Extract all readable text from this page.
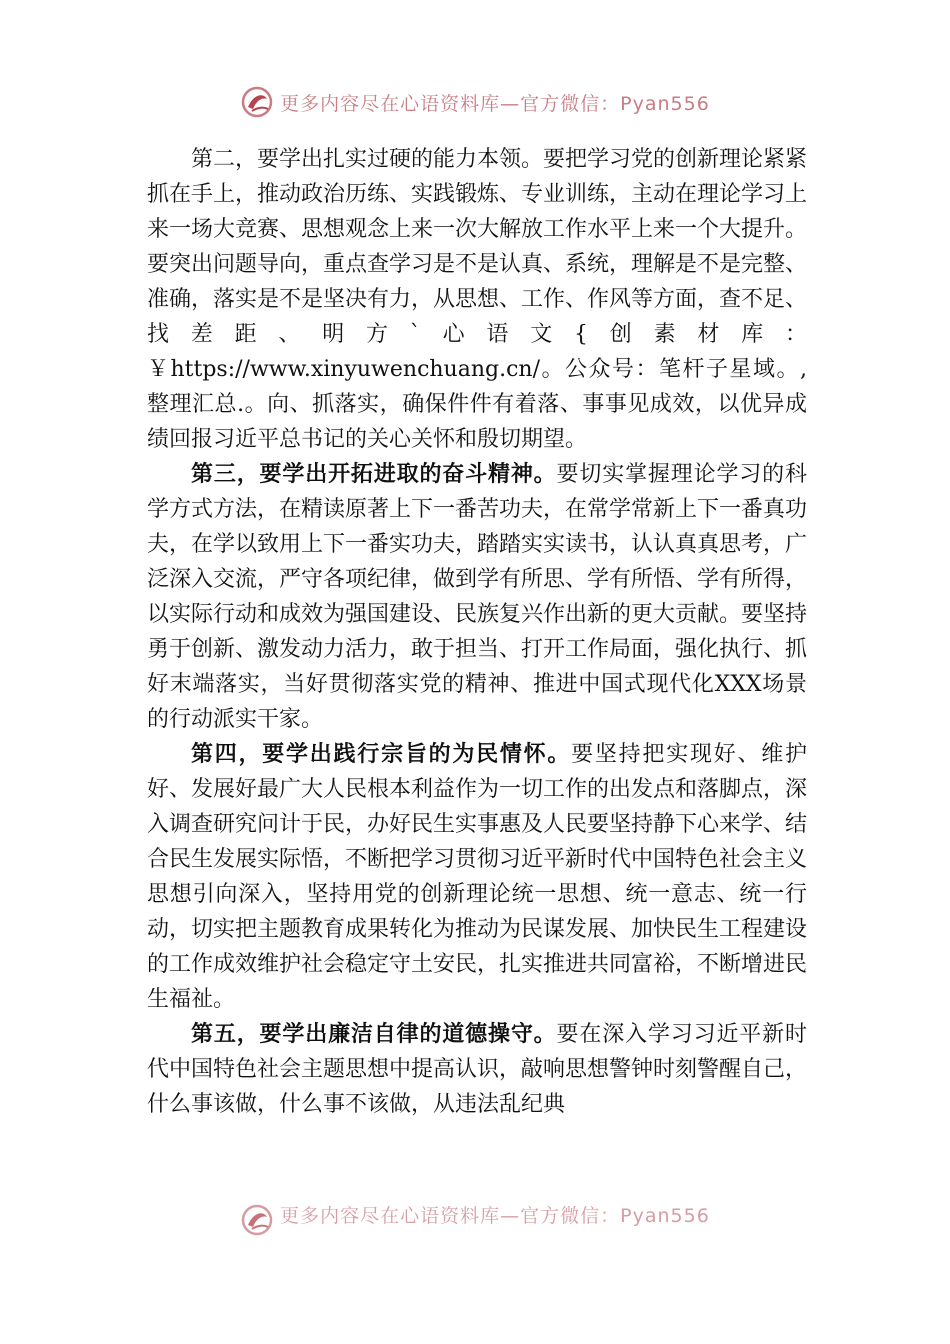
更多内容尽在心语资料库—官方微信：Pyan556

第二，要学出扎实过硬的能力本领。要把学习党的创新理论紧紧抓在手上，推动政治历练、实践锻炼、专业训练，主动在理论学习上来一场大竞赛、思想观念上来一次大解放工作水平上来一个大提升。要突出问题导向，重点查学习是不是认真、系统，理解是不是完整、准确，落实是不是坚决有力，从思想、工作、作风等方面，查不足、找差距、明方`心语文{创素材库：￥https://www.xinyuwenchuang.cn/。公众号：笔杆子星域。,整理汇总.。向、抓落实，确保件件有着落、事事见成效，以优异成绩回报习近平总书记的关心关怀和殷切期望。

第三，要学出开拓进取的奋斗精神。要切实掌握理论学习的科学方式方法，在精读原著上下一番苦功夫，在常学常新上下一番真功夫，在学以致用上下一番实功夫，踏踏实实读书，认认真真思考，广泛深入交流，严守各项纪律，做到学有所思、学有所悟、学有所得，以实际行动和成效为强国建设、民族复兴作出新的更大贡献。要坚持勇于创新、激发动力活力，敢于担当、打开工作局面，强化执行、抓好末端落实，当好贯彻落实党的精神、推进中国式现代化XXX场景的行动派实干家。

第四，要学出践行宗旨的为民情怀。要坚持把实现好、维护好、发展好最广大人民根本利益作为一切工作的出发点和落脚点，深入调查研究问计于民，办好民生实事惠及人民要坚持静下心来学、结合民生发展实际悟，不断把学习贯彻习近平新时代中国特色社会主义思想引向深入，坚持用党的创新理论统一思想、统一意志、统一行动，切实把主题教育成果转化为推动为民谋发展、加快民生工程建设的工作成效维护社会稳定守土安民，扎实推进共同富裕，不断增进民生福祉。

第五，要学出廉洁自律的道德操守。要在深入学习习近平新时代中国特色社会主题思想中提高认识，敲响思想警钟时刻警醒自己，什么事该做，什么事不该做，从违法乱纪典

更多内容尽在心语资料库—官方微信：Pyan556
